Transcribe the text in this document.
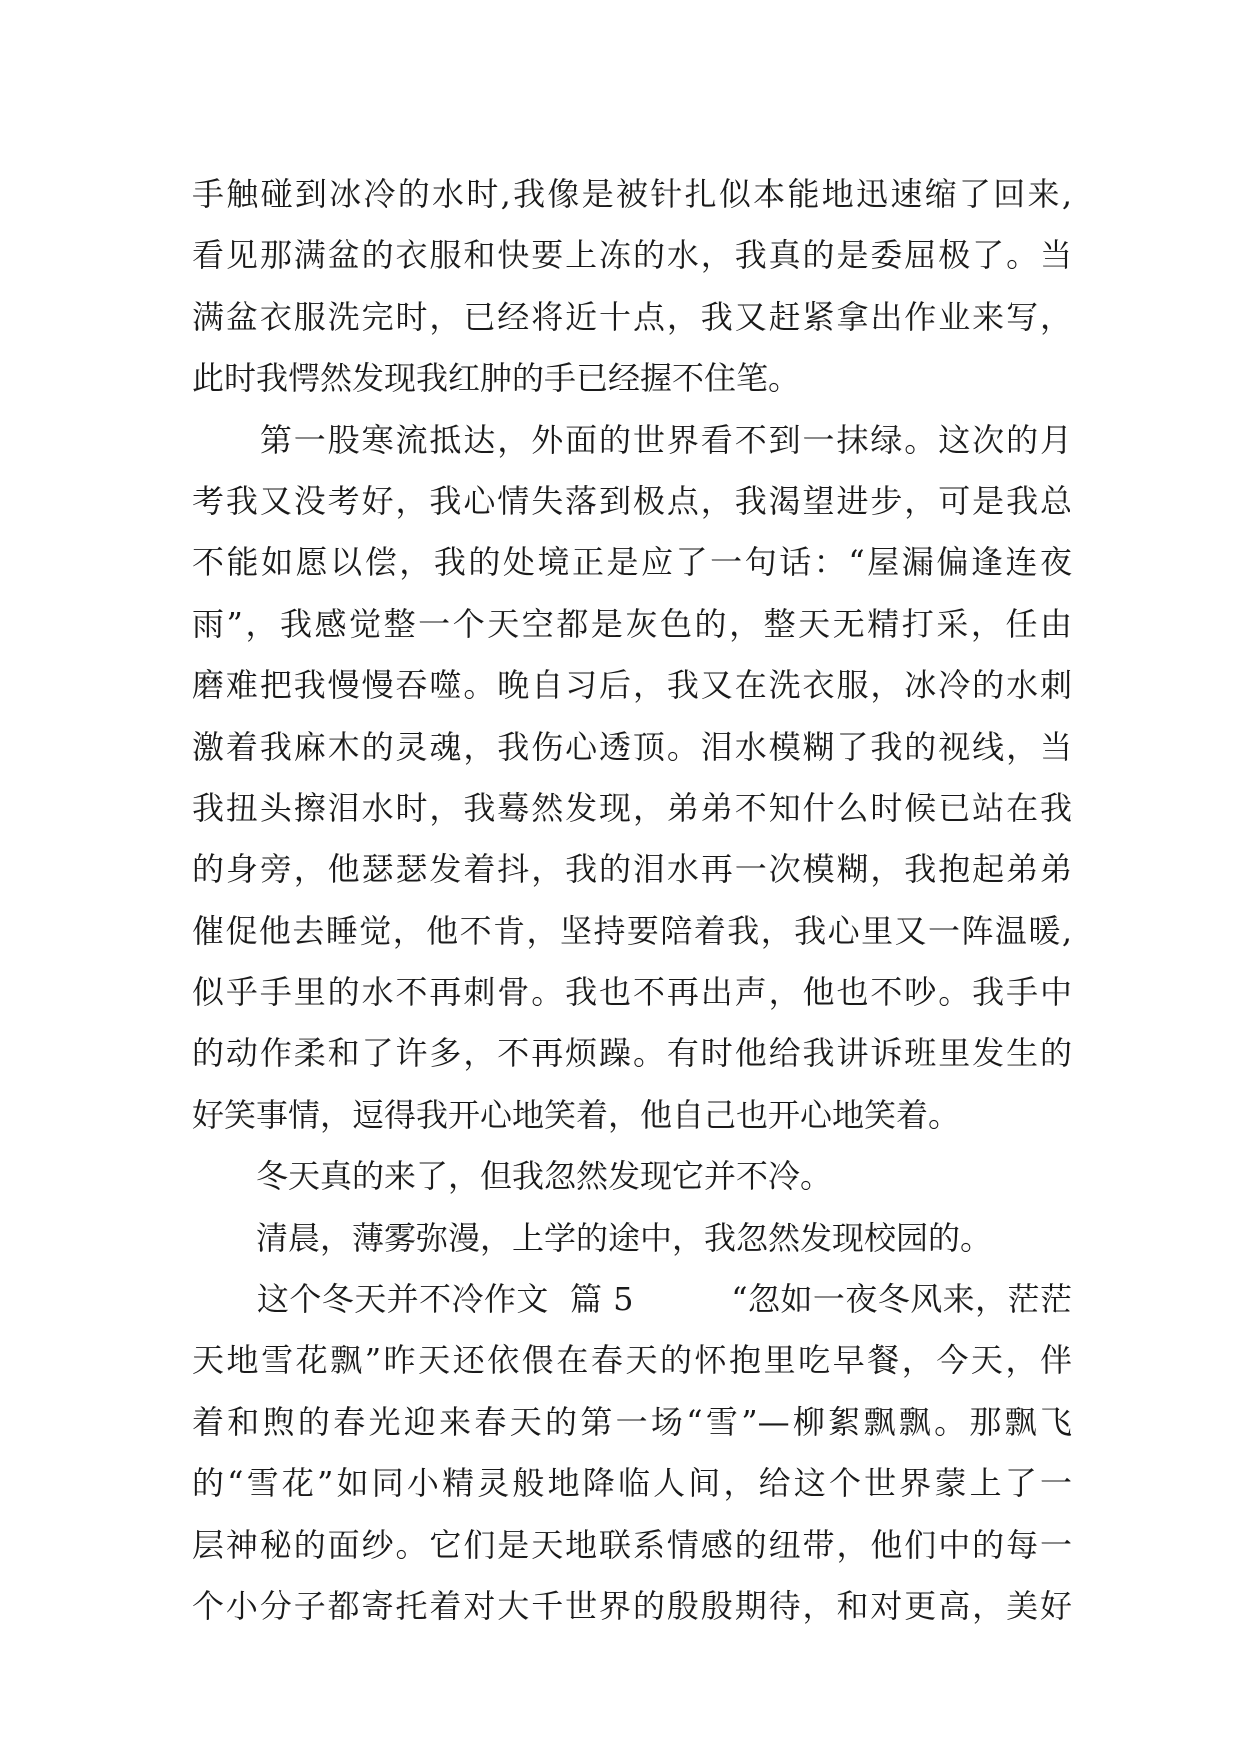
手触碰到冰冷的水时,我像是被针扎似本能地迅速缩了回来,
看见那满盆的衣服和快要上冻的水，我真的是委屈极了。当
满盆衣服洗完时，已经将近十点，我又赶紧拿出作业来写，
此时我愕然发现我红肿的手已经握不住笔。
　　第一股寒流抵达，外面的世界看不到一抹绿。这次的月
考我又没考好，我心情失落到极点，我渴望进步，可是我总
不能如愿以偿，我的处境正是应了一句话：“屋漏偏逢连夜
雨”，我感觉整一个天空都是灰色的，整天无精打采，任由
磨难把我慢慢吞噬。晚自习后，我又在洗衣服，冰冷的水刺
激着我麻木的灵魂，我伤心透顶。泪水模糊了我的视线，当
我扭头擦泪水时，我蓦然发现，弟弟不知什么时候已站在我
的身旁，他瑟瑟发着抖，我的泪水再一次模糊，我抱起弟弟
催促他去睡觉，他不肯，坚持要陪着我，我心里又一阵温暖,
似乎手里的水不再刺骨。我也不再出声，他也不吵。我手中
的动作柔和了许多，不再烦躁。有时他给我讲诉班里发生的
好笑事情，逗得我开心地笑着，他自己也开心地笑着。
　　冬天真的来了，但我忽然发现它并不冷。
　　清晨，薄雾弥漫，上学的途中，我忽然发现校园的。
　　这个冬天并不冷作文  篇 5　　　“忽如一夜冬风来，茫茫
天地雪花飘”昨天还依偎在春天的怀抱里吃早餐，今天，伴
着和煦的春光迎来春天的第一场“雪”—柳絮飘飘。那飘飞
的“雪花”如同小精灵般地降临人间，给这个世界蒙上了一
层神秘的面纱。它们是天地联系情感的纽带，他们中的每一
个小分子都寄托着对大千世界的殷殷期待，和对更高，美好
